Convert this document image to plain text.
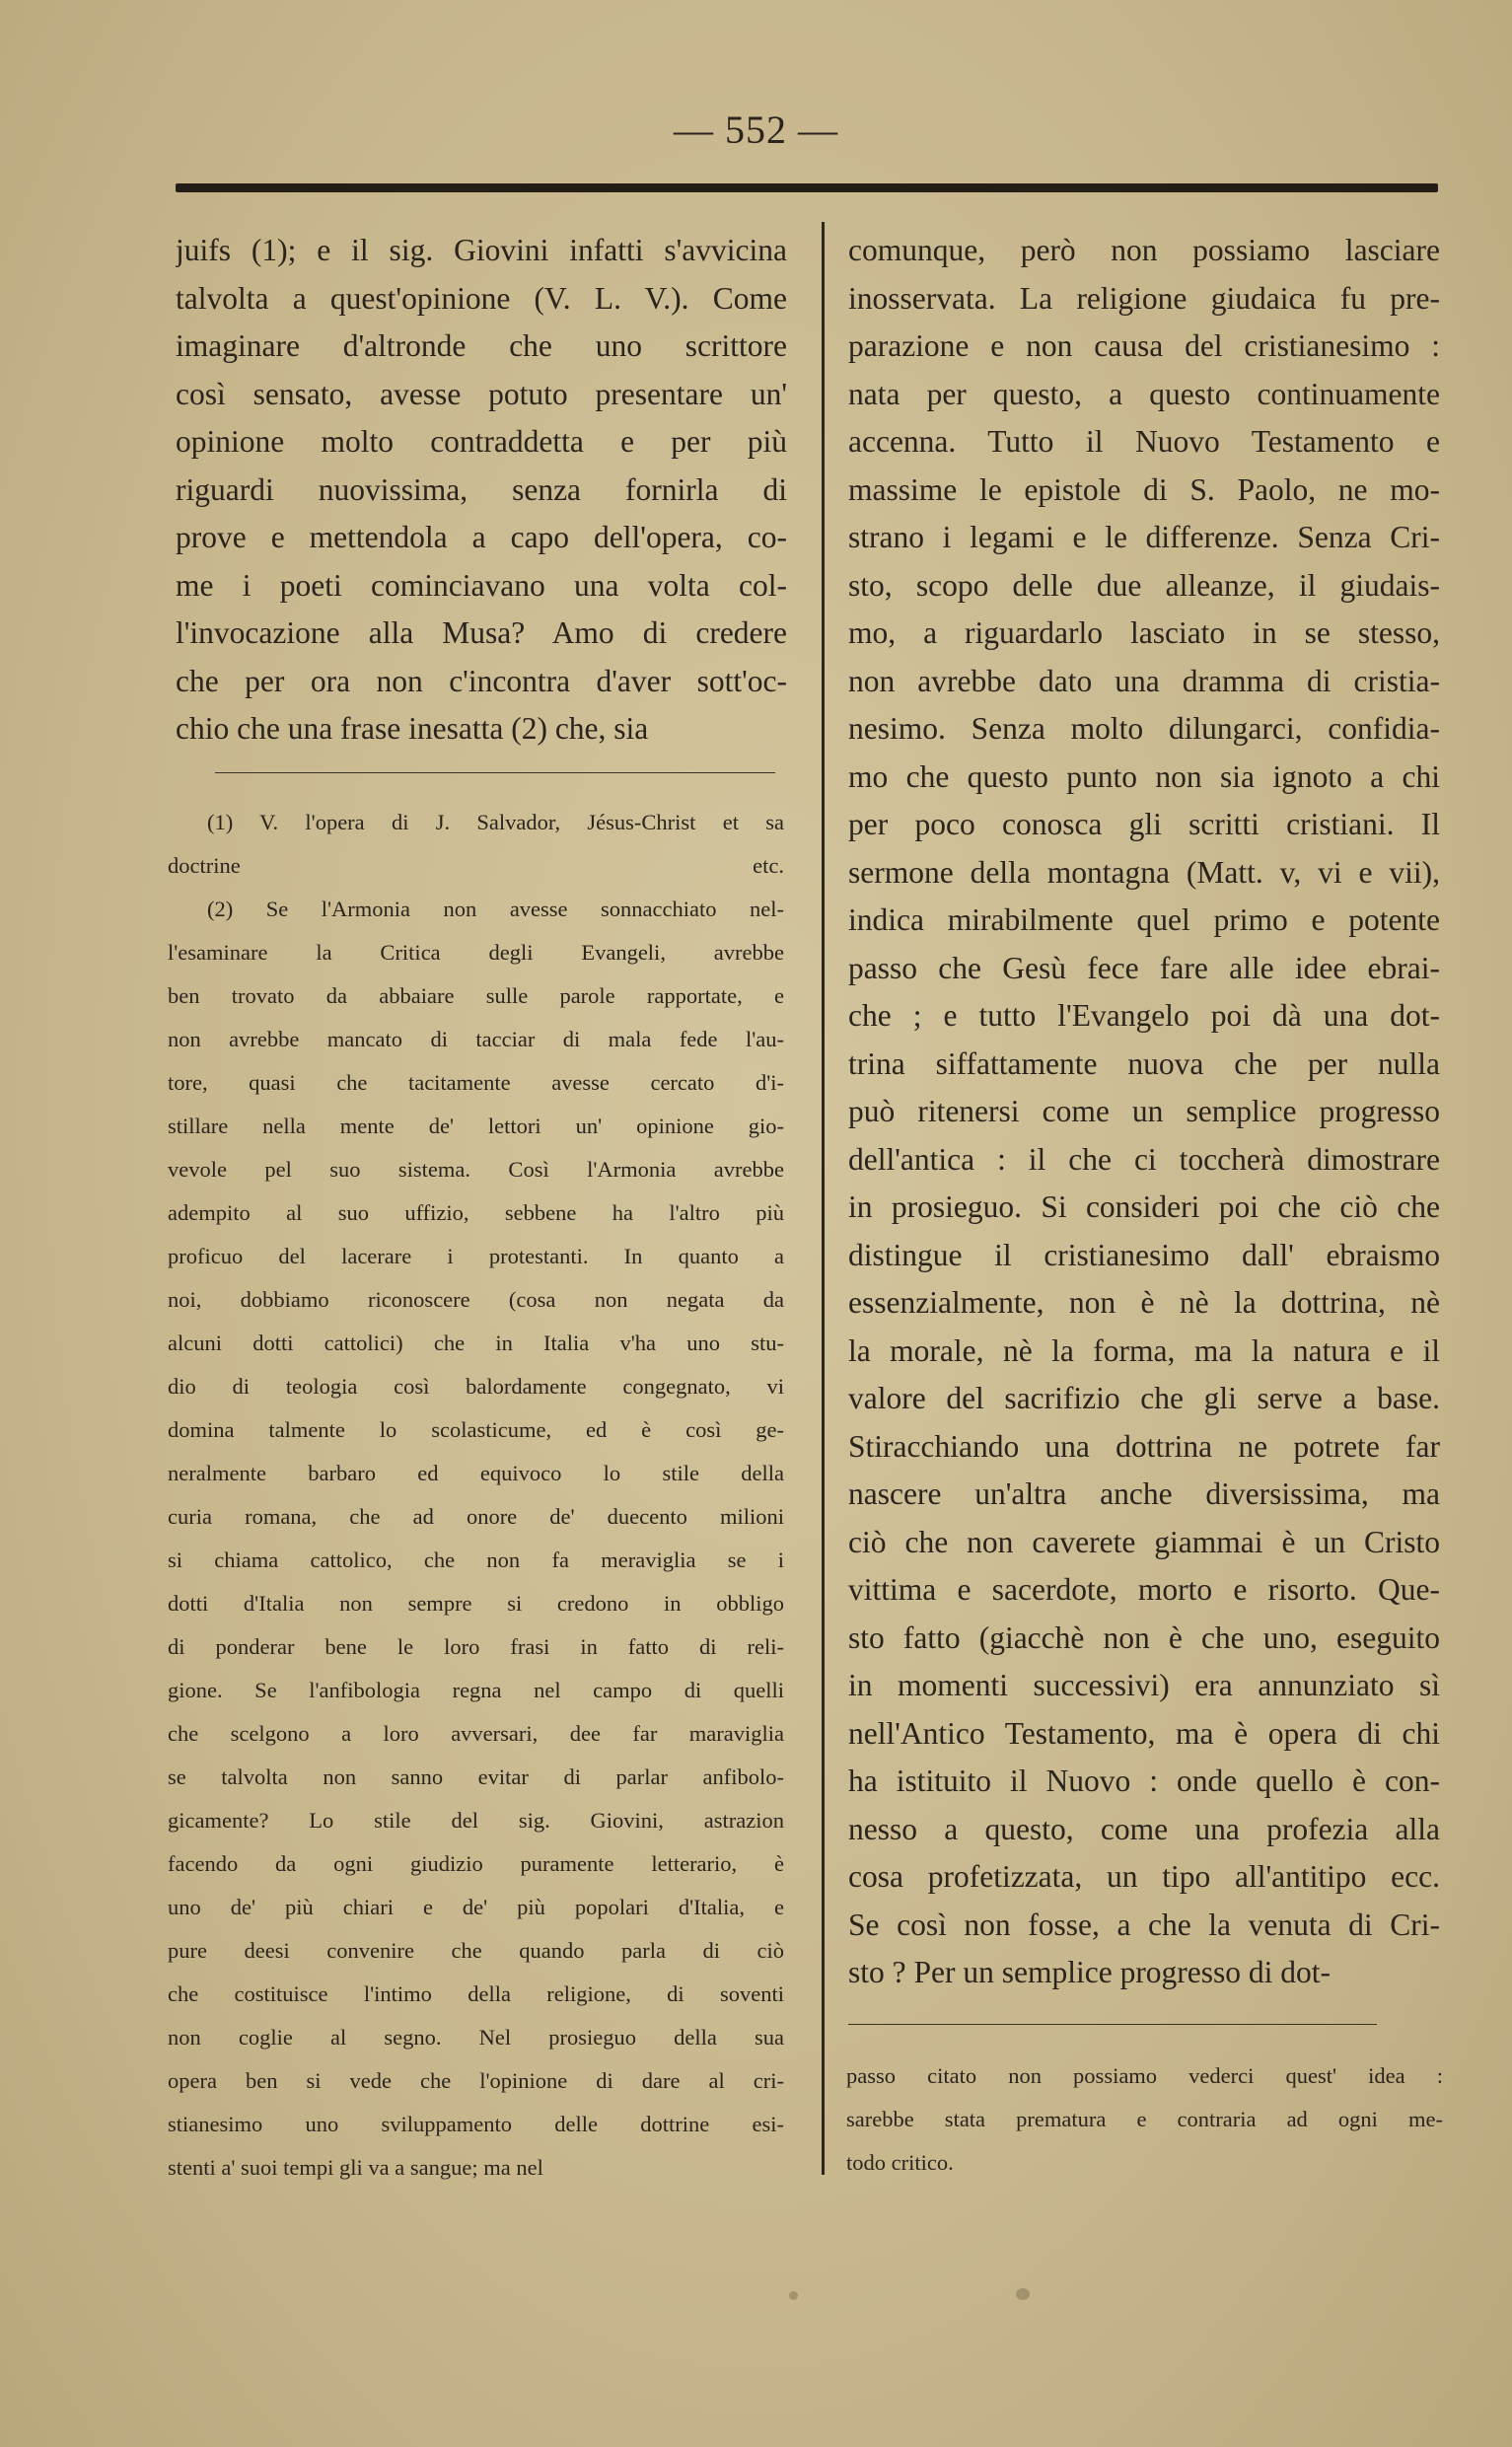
— 552 —
juifs (1); e il sig. Giovini infatti s'avvicina
talvolta a quest'opinione (V. L. V.). Come
imaginare d'altronde che uno scrittore
così sensato, avesse potuto presentare un'
opinione molto contraddetta e per più
riguardi nuovissima, senza fornirla di
prove e mettendola a capo dell'opera, co-
me i poeti cominciavano una volta col-
l'invocazione alla Musa? Amo di credere
che per ora non c'incontra d'aver sott'oc-
chio che una frase inesatta (2) che, sia
(1) V. l'opera di J. Salvador, Jésus-Christ et sa
doctrine etc.
(2) Se l'Armonia non avesse sonnacchiato nel-
l'esaminare la Critica degli Evangeli, avrebbe
ben trovato da abbaiare sulle parole rapportate, e
non avrebbe mancato di tacciar di mala fede l'au-
tore, quasi che tacitamente avesse cercato d'i-
stillare nella mente de' lettori un' opinione gio-
vevole pel suo sistema. Così l'Armonia avrebbe
adempito al suo uffizio, sebbene ha l'altro più
proficuo del lacerare i protestanti. In quanto a
noi, dobbiamo riconoscere (cosa non negata da
alcuni dotti cattolici) che in Italia v'ha uno stu-
dio di teologia così balordamente congegnato, vi
domina talmente lo scolasticume, ed è così ge-
neralmente barbaro ed equivoco lo stile della
curia romana, che ad onore de' duecento milioni
si chiama cattolico, che non fa meraviglia se i
dotti d'Italia non sempre si credono in obbligo
di ponderar bene le loro frasi in fatto di reli-
gione. Se l'anfibologia regna nel campo di quelli
che scelgono a loro avversari, dee far maraviglia
se talvolta non sanno evitar di parlar anfibolo-
gicamente? Lo stile del sig. Giovini, astrazion
facendo da ogni giudizio puramente letterario, è
uno de' più chiari e de' più popolari d'Italia, e
pure deesi convenire che quando parla di ciò
che costituisce l'intimo della religione, di soventi
non coglie al segno. Nel prosieguo della sua
opera ben si vede che l'opinione di dare al cri-
stianesimo uno sviluppamento delle dottrine esi-
stenti a' suoi tempi gli va a sangue; ma nel
comunque, però non possiamo lasciare
inosservata. La religione giudaica fu pre-
parazione e non causa del cristianesimo :
nata per questo, a questo continuamente
accenna. Tutto il Nuovo Testamento e
massime le epistole di S. Paolo, ne mo-
strano i legami e le differenze. Senza Cri-
sto, scopo delle due alleanze, il giudais-
mo, a riguardarlo lasciato in se stesso,
non avrebbe dato una dramma di cristia-
nesimo. Senza molto dilungarci, confidia-
mo che questo punto non sia ignoto a chi
per poco conosca gli scritti cristiani. Il
sermone della montagna (Matt. v, vi e vii),
indica mirabilmente quel primo e potente
passo che Gesù fece fare alle idee ebrai-
che ; e tutto l'Evangelo poi dà una dot-
trina siffattamente nuova che per nulla
può ritenersi come un semplice progresso
dell'antica : il che ci toccherà dimostrare
in prosieguo. Si consideri poi che ciò che
distingue il cristianesimo dall' ebraismo
essenzialmente, non è nè la dottrina, nè
la morale, nè la forma, ma la natura e il
valore del sacrifizio che gli serve a base.
Stiracchiando una dottrina ne potrete far
nascere un'altra anche diversissima, ma
ciò che non caverete giammai è un Cristo
vittima e sacerdote, morto e risorto. Que-
sto fatto (giacchè non è che uno, eseguito
in momenti successivi) era annunziato sì
nell'Antico Testamento, ma è opera di chi
ha istituito il Nuovo : onde quello è con-
nesso a questo, come una profezia alla
cosa profetizzata, un tipo all'antitipo ecc.
Se così non fosse, a che la venuta di Cri-
sto ? Per un semplice progresso di dot-
passo citato non possiamo vederci quest' idea :
sarebbe stata prematura e contraria ad ogni me-
todo critico.
